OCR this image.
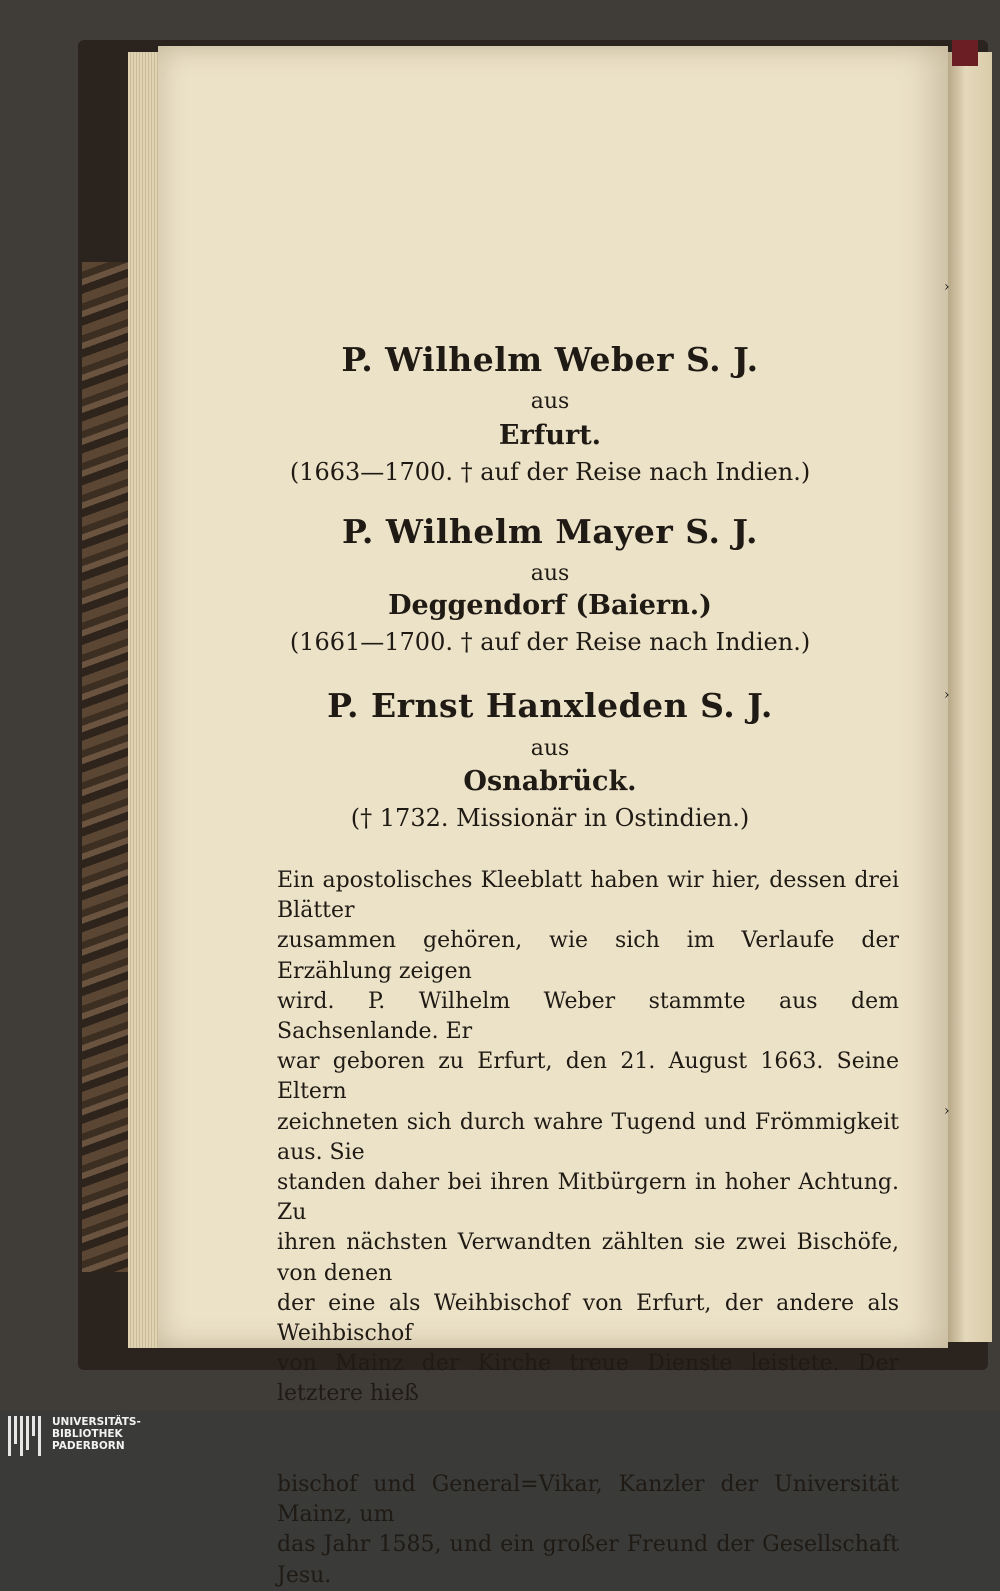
P. Wilhelm Weber S. J.
aus
Erfurt.
(1663—1700. † auf der Reise nach Indien.)
P. Wilhelm Mayer S. J.
aus
Deggendorf (Baiern.)
(1661—1700. † auf der Reise nach Indien.)
P. Ernst Hanxleden S. J.
aus
Osnabrück.
(† 1732. Missionär in Ostindien.)
Ein apostolisches Kleeblatt haben wir hier, dessen drei Blätter
zusammen gehören, wie sich im Verlaufe der Erzählung zeigen
wird. P. Wilhelm Weber stammte aus dem Sachsenlande. Er
war geboren zu Erfurt, den 21. August 1663. Seine Eltern
zeichneten sich durch wahre Tugend und Frömmigkeit aus. Sie
standen daher bei ihren Mitbürgern in hoher Achtung. Zu
ihren nächsten Verwandten zählten sie zwei Bischöfe, von denen
der eine als Weihbischof von Erfurt, der andere als Weihbischof
von Mainz der Kirche treue Dienste leistete. Der letztere hieß
bischof und General=Vikar, Kanzler der Universität Mainz, um
das Jahr 1585, und ein großer Freund der Gesellschaft Jesu.
›
›
›
UNIVERSITÄTS-
BIBLIOTHEK
PADERBORN
